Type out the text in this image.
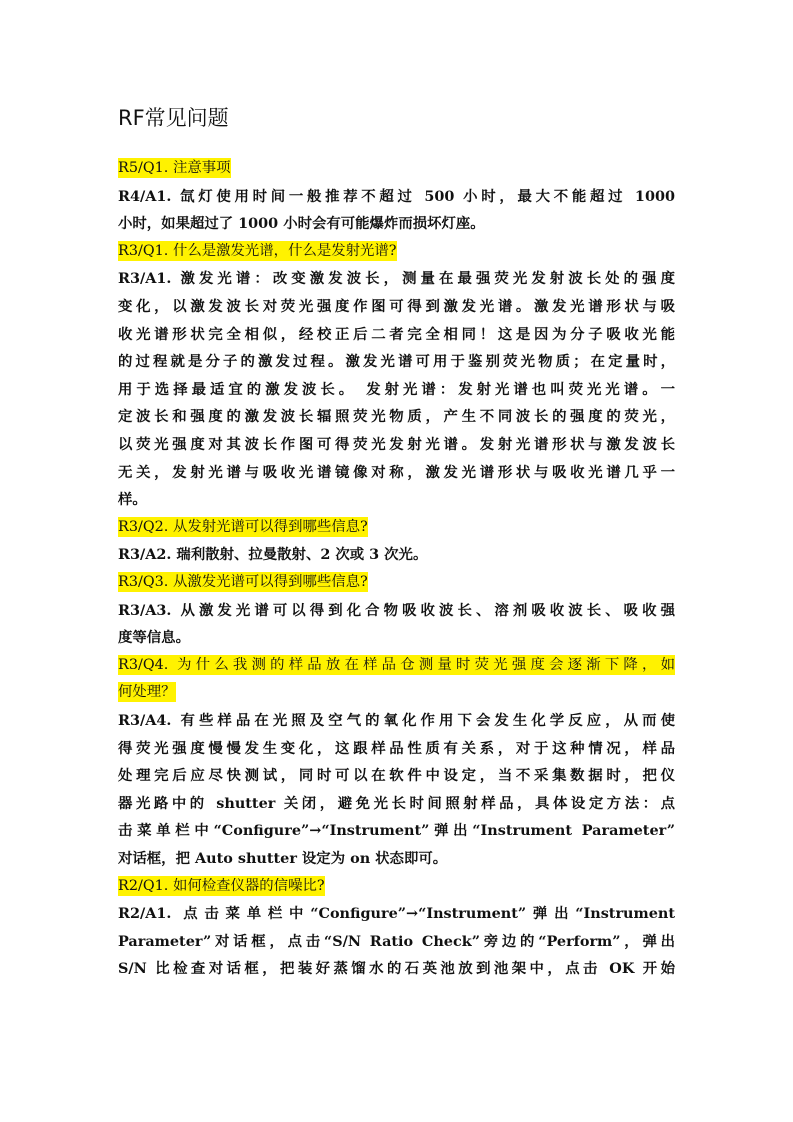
RF常见问题
R5/Q1. 注意事项
R4/A1. 氙灯使用时间一般推荐不超过 500 小时，最大不能超过 1000
小时，如果超过了 1000 小时会有可能爆炸而损坏灯座。
R3/Q1. 什么是激发光谱，什么是发射光谱?
R3/A1. 激发光谱：改变激发波长，测量在最强荧光发射波长处的强度
变化，以激发波长对荧光强度作图可得到激发光谱。激发光谱形状与吸
收光谱形状完全相似，经校正后二者完全相同！这是因为分子吸收光能
的过程就是分子的激发过程。激发光谱可用于鉴别荧光物质；在定量时，
用于选择最适宜的激发波长。 发射光谱：发射光谱也叫荧光光谱。一
定波长和强度的激发波长辐照荧光物质，产生不同波长的强度的荧光，
以荧光强度对其波长作图可得荧光发射光谱。发射光谱形状与激发波长
无关，发射光谱与吸收光谱镜像对称，激发光谱形状与吸收光谱几乎一
样。
R3/Q2. 从发射光谱可以得到哪些信息?
R3/A2. 瑞利散射、拉曼散射、2 次或 3 次光。
R3/Q3. 从激发光谱可以得到哪些信息?
R3/A3. 从激发光谱可以得到化合物吸收波长、溶剂吸收波长、吸收强
度等信息。
R3/Q4. 为什么我测的样品放在样品仓测量时荧光强度会逐渐下降，如
何处理？
R3/A4. 有些样品在光照及空气的氧化作用下会发生化学反应，从而使
得荧光强度慢慢发生变化，这跟样品性质有关系，对于这种情况，样品
处理完后应尽快测试，同时可以在软件中设定，当不采集数据时，把仪
器光路中的 shutter 关闭，避免光长时间照射样品，具体设定方法：点
击菜单栏中“Configure”→“Instrument”弹出“Instrument Parameter”
对话框，把 Auto shutter 设定为 on 状态即可。
R2/Q1. 如何检查仪器的信噪比?
R2/A1. 点击菜单栏中“Configure”→“Instrument”弹出“Instrument
Parameter”对话框，点击“S/N Ratio Check”旁边的“Perform”，弹出
S/N 比检查对话框，把装好蒸馏水的石英池放到池架中，点击 OK 开始
